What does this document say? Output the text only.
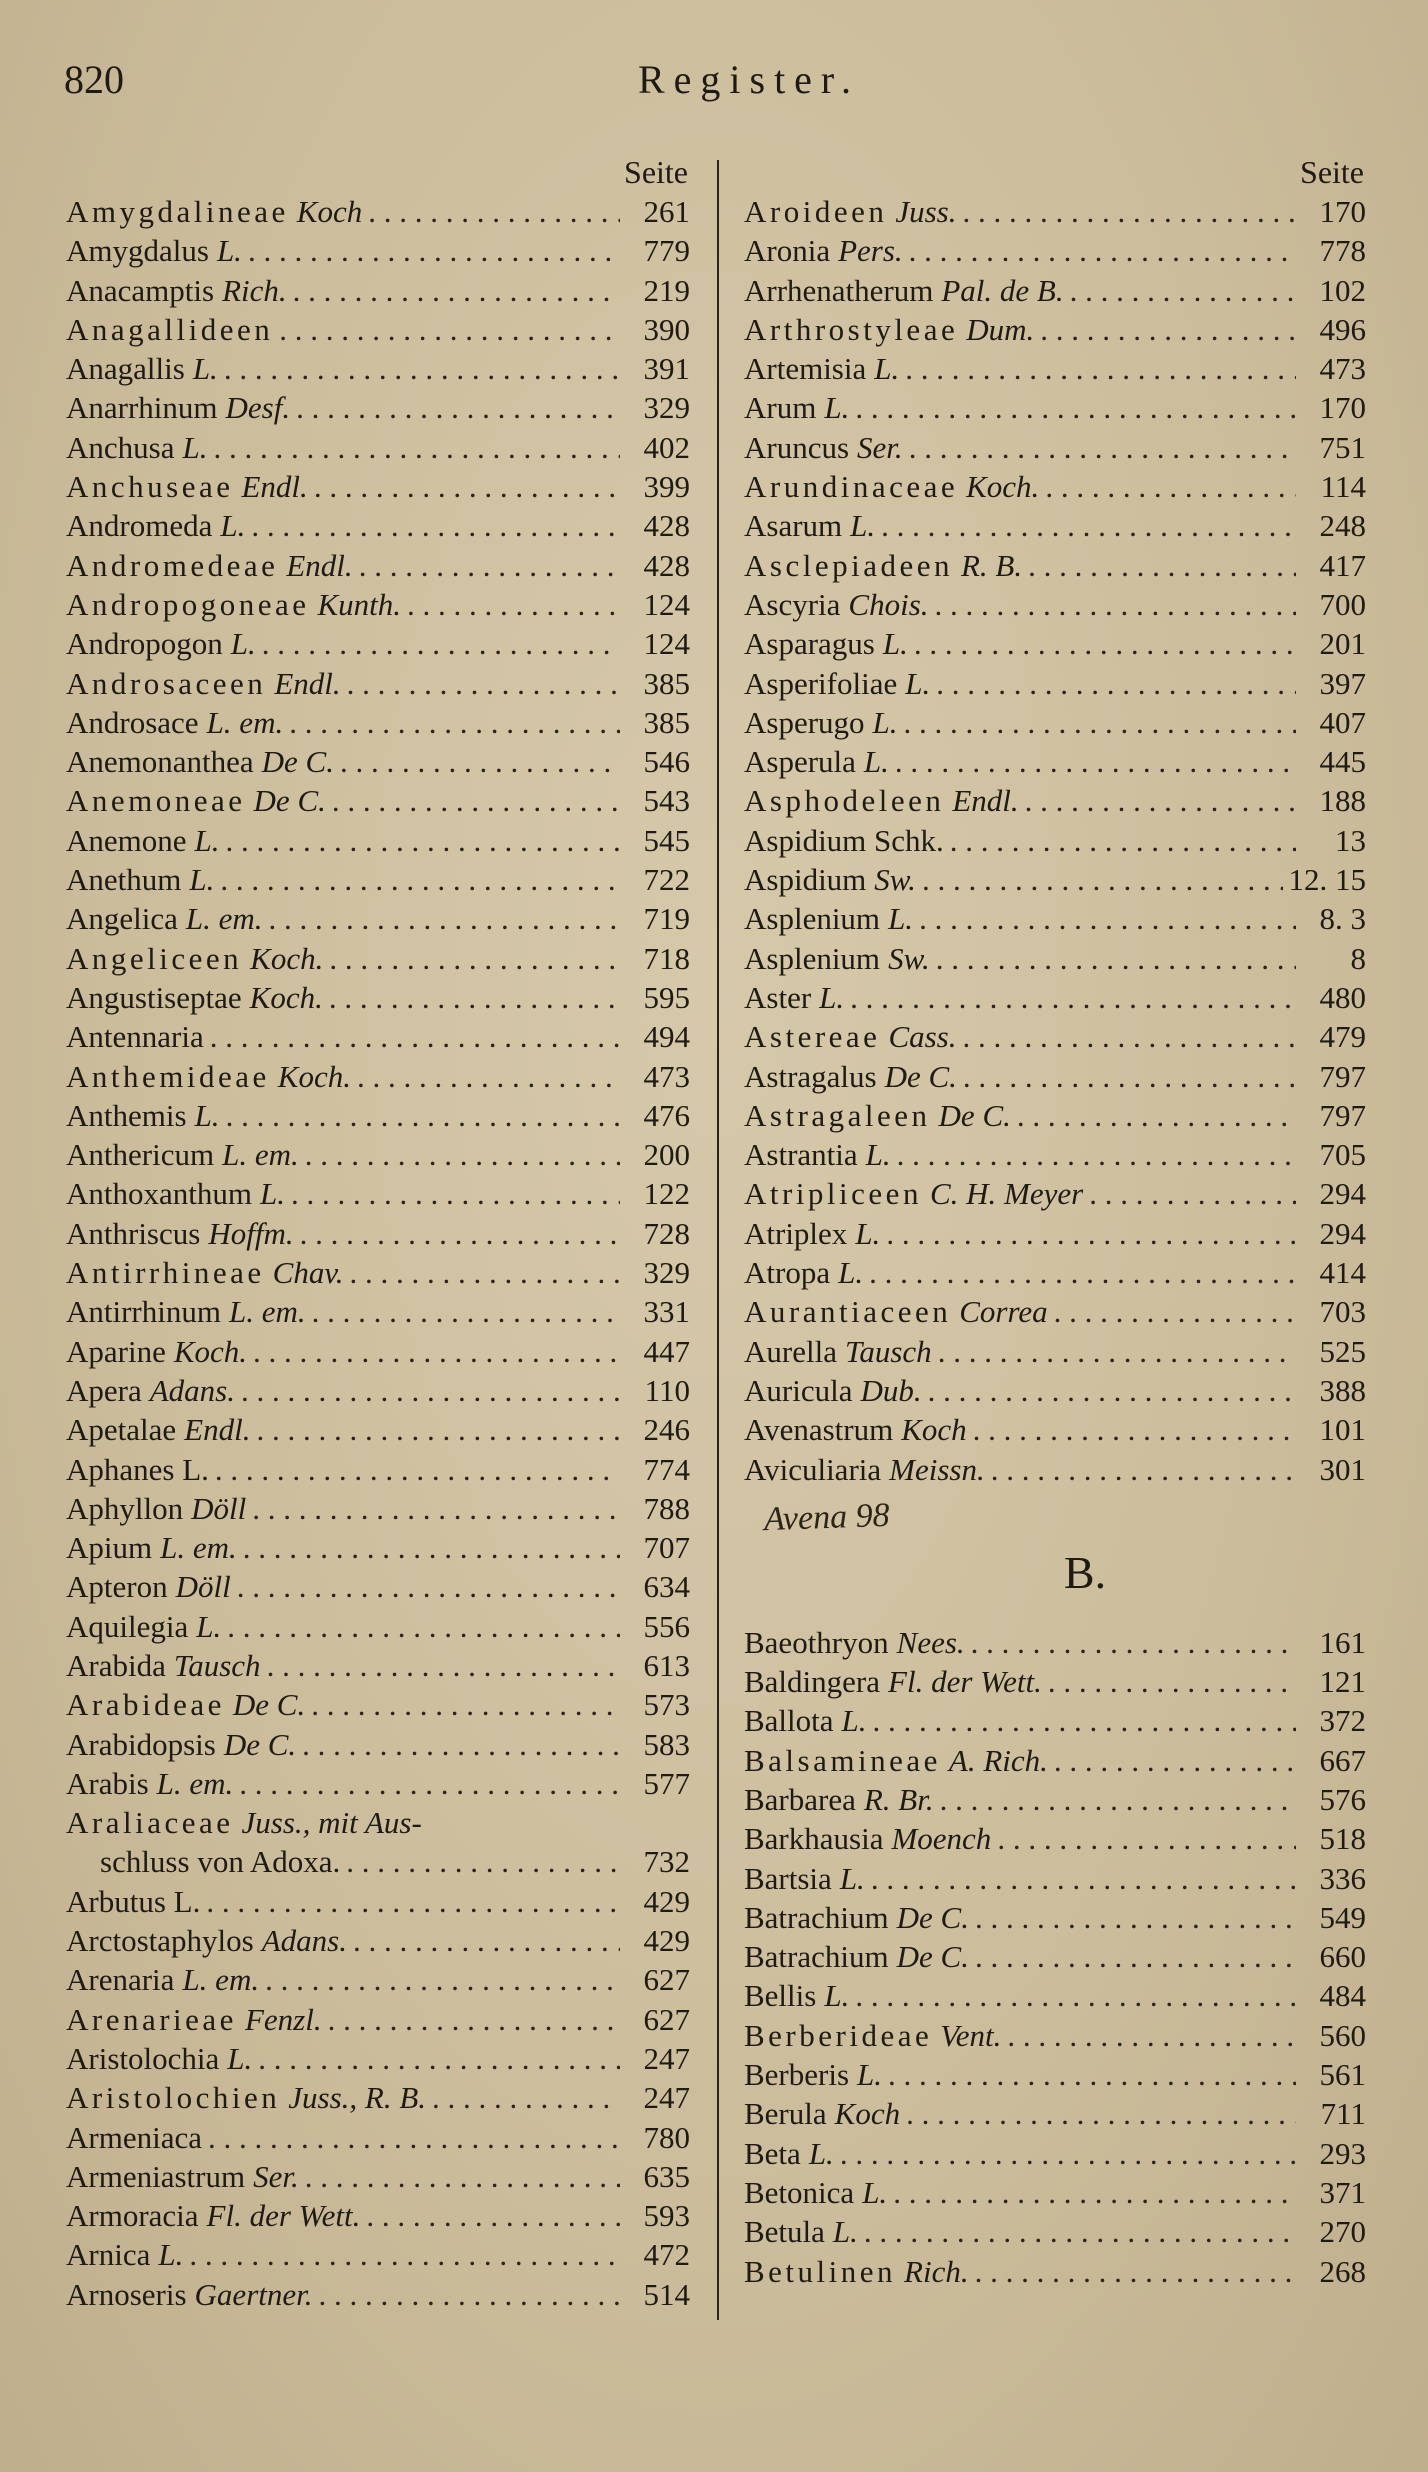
820	Register.
Seite
Amygdalineae Koch . . .	261
Amygdalus L. . . .	779
Anacamptis Rich. . . .	219
Anagallideen . . .	390
Anagallis L. . . .	391
Anarrhinum Desf. . . .	329
Anchusa L. . . .	402
Anchuseae Endl. . . .	399
Andromeda L. . . .	428
Andromedeae Endl. . . .	428
Andropogoneae Kunth. . . .	124
Andropogon L. . . .	124
Androsaceen Endl. . . .	385
Androsace L. em. . . .	385
Anemonanthea De C. . . .	546
Anemoneae De C. . . .	543
Anemone L. . . .	545
Anethum L. . . .	722
Angelica L. em. . . .	719
Angeliceen Koch. . . .	718
Angustiseptae Koch. . . .	595
Antennaria . . .	494
Anthemideae Koch. . . .	473
Anthemis L. . . .	476
Anthericum L. em. . . .	200
Anthoxanthum L. . . .	122
Anthriscus Hoffm. . . .	728
Antirrhineae Chav. . . .	329
Antirrhinum L. em. . . .	331
Aparine Koch. . . .	447
Apera Adans. . . .	110
Apetalae Endl. . . .	246
Aphanes L. . . .	774
Aphyllon Döll . . .	788
Apium L. em. . . .	707
Apteron Döll . . .	634
Aquilegia L. . . .	556
Arabida Tausch . . .	613
Arabideae De C. . . .	573
Arabidopsis De C. . . .	583
Arabis L. em. . . .	577
Araliaceae Juss., mit Aus-
schluss von Adoxa. . . .	732
Arbutus L. . . .	429
Arctostaphylos Adans. . . .	429
Arenaria L. em. . . .	627
Arenarieae Fenzl. . . .	627
Aristolochia L. . . .	247
Aristolochien Juss., R. B. . . .	247
Armeniaca . . .	780
Armeniastrum Ser. . . .	635
Armoracia Fl. der Wett. . . .	593
Arnica L. . . .	472
Arnoseris Gaertner. . . .	514
Seite
Aroideen Juss. . . .	170
Aronia Pers. . . .	778
Arrhenatherum Pal. de B. . . .	102
Arthrostyleae Dum. . . .	496
Artemisia L. . . .	473
Arum L. . . .	170
Aruncus Ser. . . .	751
Arundinaceae Koch. . . .	114
Asarum L. . . .	248
Asclepiadeen R. B. . . .	417
Ascyria Chois. . . .	700
Asparagus L. . . .	201
Asperifoliae L. . . .	397
Asperugo L. . . .	407
Asperula L. . . .	445
Asphodeleen Endl. . . .	188
Aspidium Schk. . . .	13
Aspidium Sw. . . .	12. 15
Asplenium L. . . .	8. 3
Asplenium Sw. . . .	8
Aster L. . . .	480
Astereae Cass. . . .	479
Astragalus De C. . . .	797
Astragaleen De C. . . .	797
Astrantia L. . . .	705
Atripliceen C. H. Meyer . . .	294
Atriplex L. . . .	294
Atropa L. . . .	414
Aurantiaceen Correa . . .	703
Aurella Tausch . . .	525
Auricula Dub. . . .	388
Avenastrum Koch . . .	101
Aviculiaria Meissn. . . .	301
Avena 98
B.
Baeothryon Nees. . . .	161
Baldingera Fl. der Wett. . . .	121
Ballota L. . . .	372
Balsamineae A. Rich. . . .	667
Barbarea R. Br. . . .	576
Barkhausia Moench . . .	518
Bartsia L. . . .	336
Batrachium De C. . . .	549
Batrachium De C. . . .	660
Bellis L. . . .	484
Berberideae Vent. . . .	560
Berberis L. . . .	561
Berula Koch . . .	711
Beta L. . . .	293
Betonica L. . . .	371
Betula L. . . .	270
Betulinen Rich. . . .	268
